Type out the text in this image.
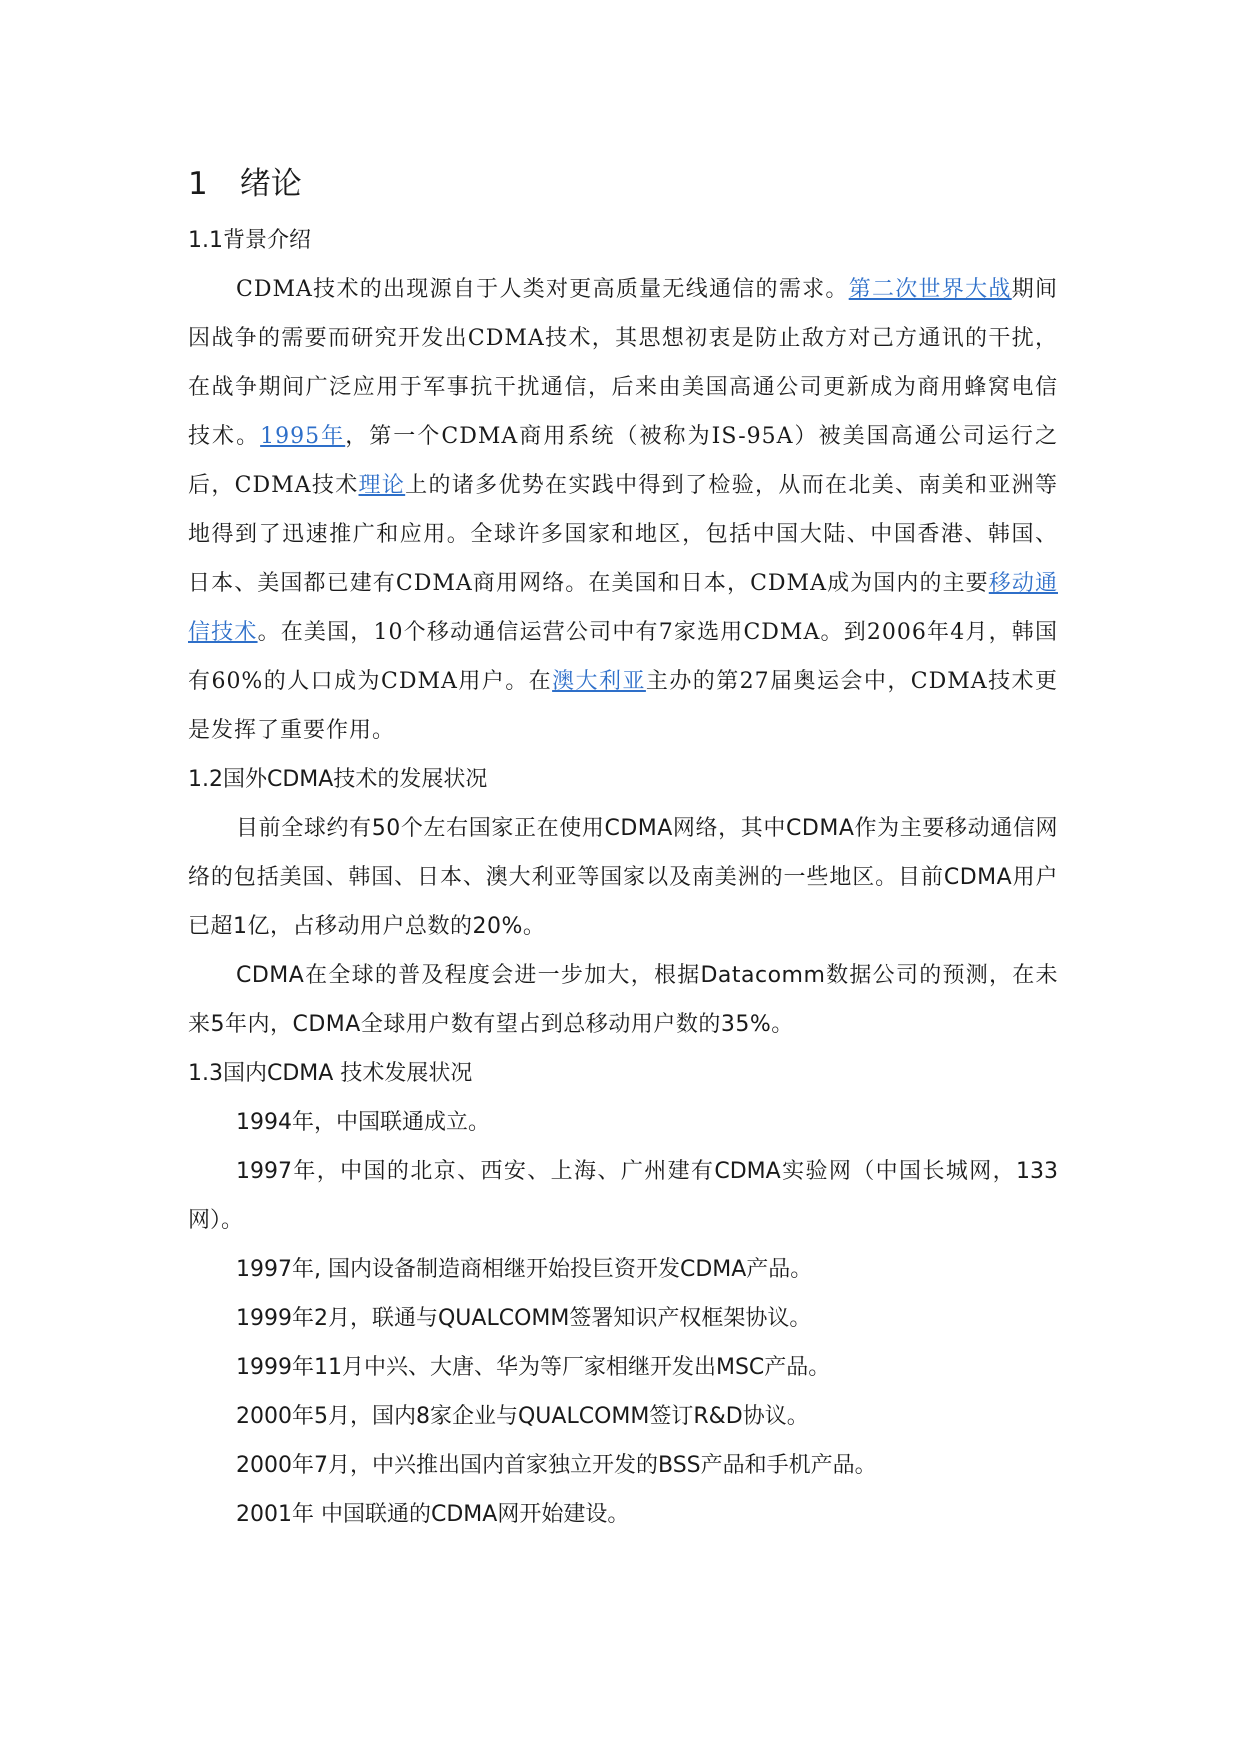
1 绪论
1.1背景介绍

CDMA技术的出现源自于人类对更高质量无线通信的需求。第二次世界大战期间因战争的需要而研究开发出CDMA技术，其思想初衷是防止敌方对己方通讯的干扰，在战争期间广泛应用于军事抗干扰通信，后来由美国高通公司更新成为商用蜂窝电信技术。1995年，第一个CDMA商用系统（被称为IS-95A）被美国高通公司运行之后，CDMA技术理论上的诸多优势在实践中得到了检验，从而在北美、南美和亚洲等地得到了迅速推广和应用。全球许多国家和地区，包括中国大陆、中国香港、韩国、日本、美国都已建有CDMA商用网络。在美国和日本，CDMA成为国内的主要移动通信技术。在美国，10个移动通信运营公司中有7家选用CDMA。到2006年4月，韩国有60%的人口成为CDMA用户。在澳大利亚主办的第27届奥运会中，CDMA技术更是发挥了重要作用。

1.2国外CDMA技术的发展状况

目前全球约有50个左右国家正在使用CDMA网络，其中CDMA作为主要移动通信网络的包括美国、韩国、日本、澳大利亚等国家以及南美洲的一些地区。目前CDMA用户已超1亿，占移动用户总数的20%。

CDMA在全球的普及程度会进一步加大，根据Datacomm数据公司的预测，在未来5年内，CDMA全球用户数有望占到总移动用户数的35%。

1.3国内CDMA 技术发展状况

1994年，中国联通成立。

1997年，中国的北京、西安、上海、广州建有CDMA实验网（中国长城网，133网）。

1997年, 国内设备制造商相继开始投巨资开发CDMA产品。

1999年2月，联通与QUALCOMM签署知识产权框架协议。

1999年11月中兴、大唐、华为等厂家相继开发出MSC产品。

2000年5月，国内8家企业与QUALCOMM签订R&D协议。

2000年7月，中兴推出国内首家独立开发的BSS产品和手机产品。

2001年 中国联通的CDMA网开始建设。
